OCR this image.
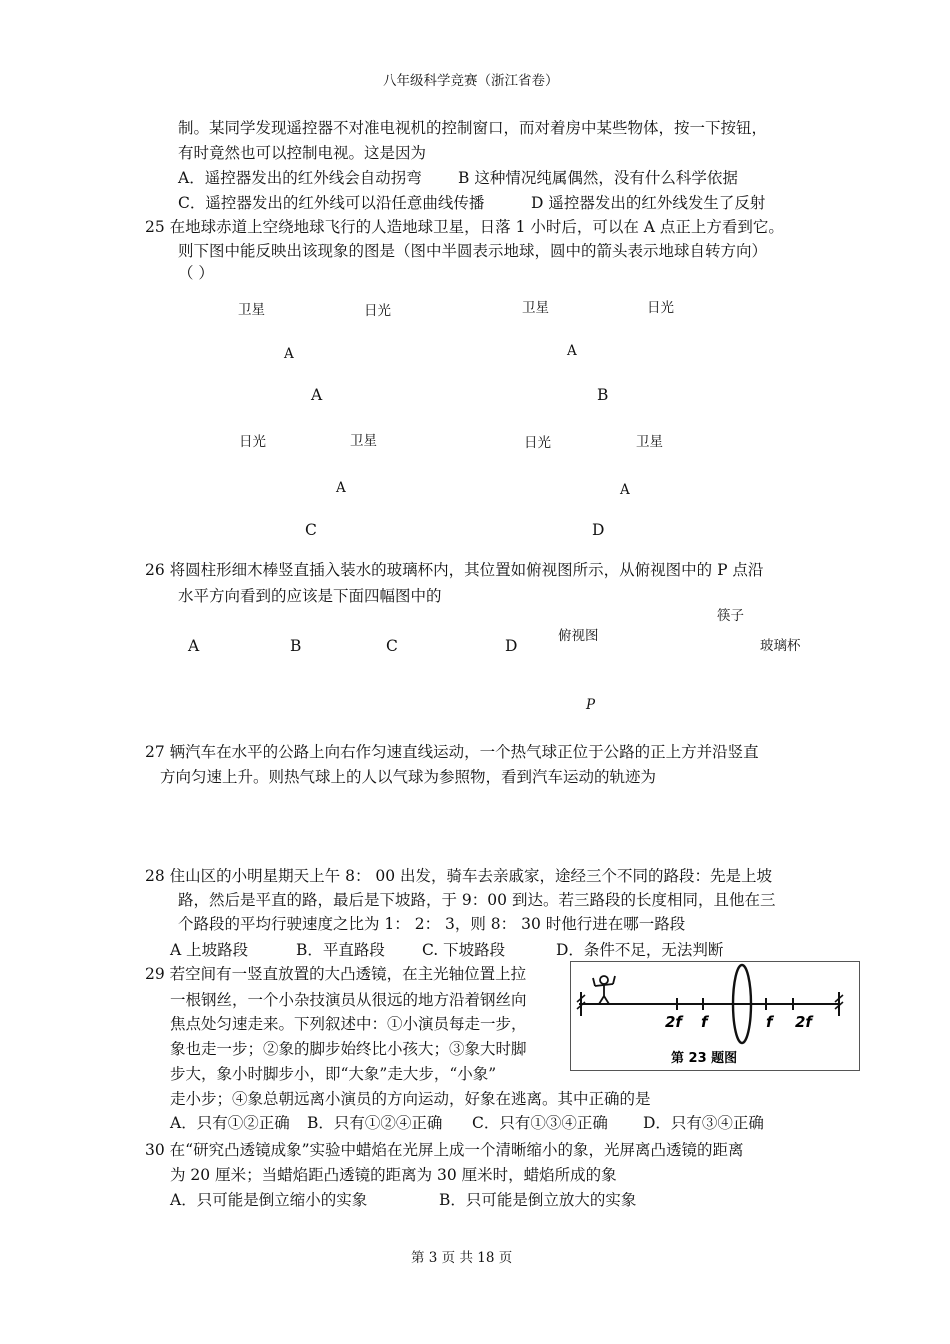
八年级科学竞赛（浙江省卷）
制。某同学发现遥控器不对准电视机的控制窗口，而对着房中某些物体，按一下按钮，
有时竟然也可以控制电视。这是因为
A．遥控器发出的红外线会自动拐弯 B 这种情况纯属偶然，没有什么科学依据
C．遥控器发出的红外线可以沿任意曲线传播	D 遥控器发出的红外线发生了反射
25 在地球赤道上空绕地球飞行的人造地球卫星，日落 1 小时后，可以在 A 点正上方看到它。
则下图中能反映出该现象的图是（图中半圆表示地球，圆中的箭头表示地球自转方向）
（ ）
卫星	日光
A
A
卫星	日光
A
B
日光	卫星
A
C
日光	卫星
A
D
26 将圆柱形细木棒竖直插入装水的玻璃杯内，其位置如俯视图所示，从俯视图中的 P 点沿
水平方向看到的应该是下面四幅图中的
筷子
俯视图
A	B	C	D	玻璃杯
P
27 辆汽车在水平的公路上向右作匀速直线运动，一个热气球正位于公路的正上方并沿竖直
方向匀速上升。则热气球上的人以气球为参照物，看到汽车运动的轨迹为
28 住山区的小明星期天上午 8： 00 出发，骑车去亲戚家，途经三个不同的路段：先是上坡
路，然后是平直的路，最后是下坡路，于 9：00 到达。若三路段的长度相同，且他在三
个路段的平均行驶速度之比为 1： 2： 3，则 8： 30 时他行进在哪一路段
A 上坡路段	B．平直路段 C. 下坡路段	D．条件不足，无法判断
29 若空间有一竖直放置的大凸透镜，在主光轴位置上拉
一根钢丝，一个小杂技演员从很远的地方沿着钢丝向
焦点处匀速走来。下列叙述中：①小演员每走一步，
象也走一步；②象的脚步始终比小孩大；③象大时脚
步大，象小时脚步小，即“大象”走大步，“小象”
走小步；④象总朝远离小演员的方向运动，好象在逃离。其中正确的是
A．只有①②正确 B．只有①②④正确 C．只有①③④正确 D．只有③④正确
2f f	f 2f
第 23 题图
30 在“研究凸透镜成象”实验中蜡焰在光屏上成一个清晰缩小的象，光屏离凸透镜的距离
为 20 厘米；当蜡焰距凸透镜的距离为 30 厘米时，蜡焰所成的象
A．只可能是倒立缩小的实象	B．只可能是倒立放大的实象
第 3 页 共 18 页
